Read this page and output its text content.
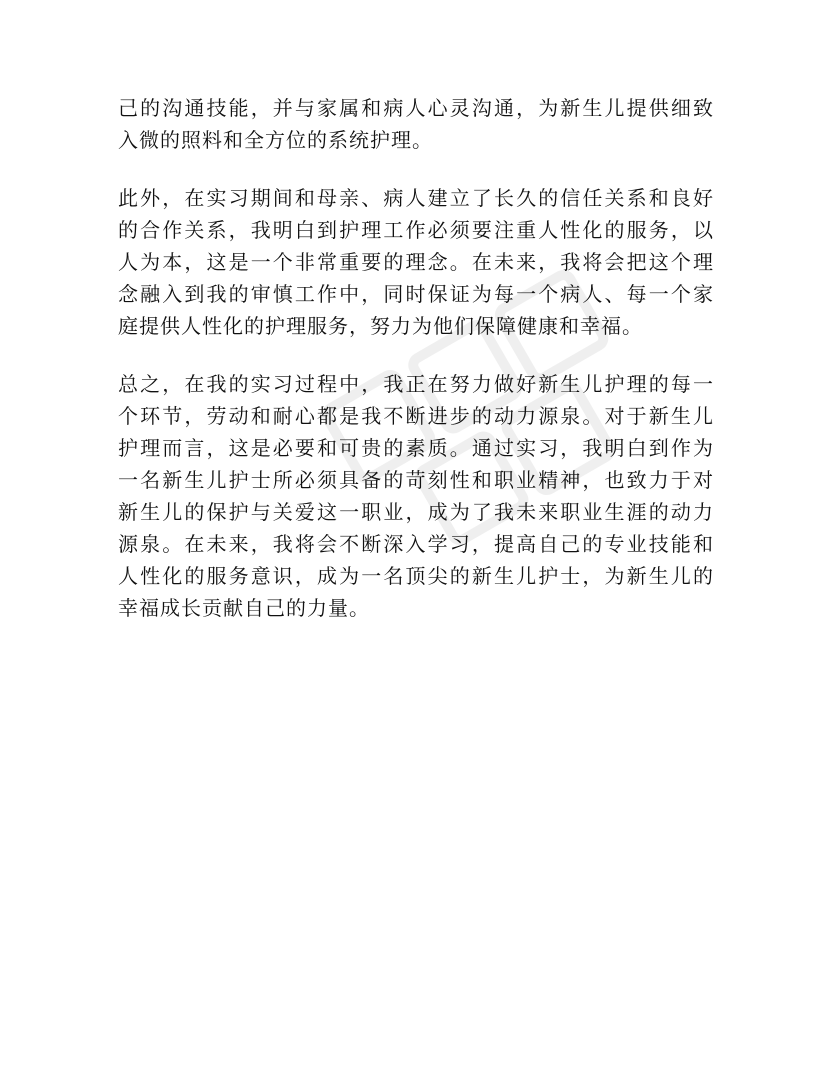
己的沟通技能，并与家属和病人心灵沟通，为新生儿提供细致
入微的照料和全方位的系统护理。

此外，在实习期间和母亲、病人建立了长久的信任关系和良好
的合作关系，我明白到护理工作必须要注重人性化的服务，以
人为本，这是一个非常重要的理念。在未来，我将会把这个理
念融入到我的审慎工作中，同时保证为每一个病人、每一个家
庭提供人性化的护理服务，努力为他们保障健康和幸福。

总之，在我的实习过程中，我正在努力做好新生儿护理的每一
个环节，劳动和耐心都是我不断进步的动力源泉。对于新生儿
护理而言，这是必要和可贵的素质。通过实习，我明白到作为
一名新生儿护士所必须具备的苛刻性和职业精神，也致力于对
新生儿的保护与关爱这一职业，成为了我未来职业生涯的动力
源泉。在未来，我将会不断深入学习，提高自己的专业技能和
人性化的服务意识，成为一名顶尖的新生儿护士，为新生儿的
幸福成长贡献自己的力量。
